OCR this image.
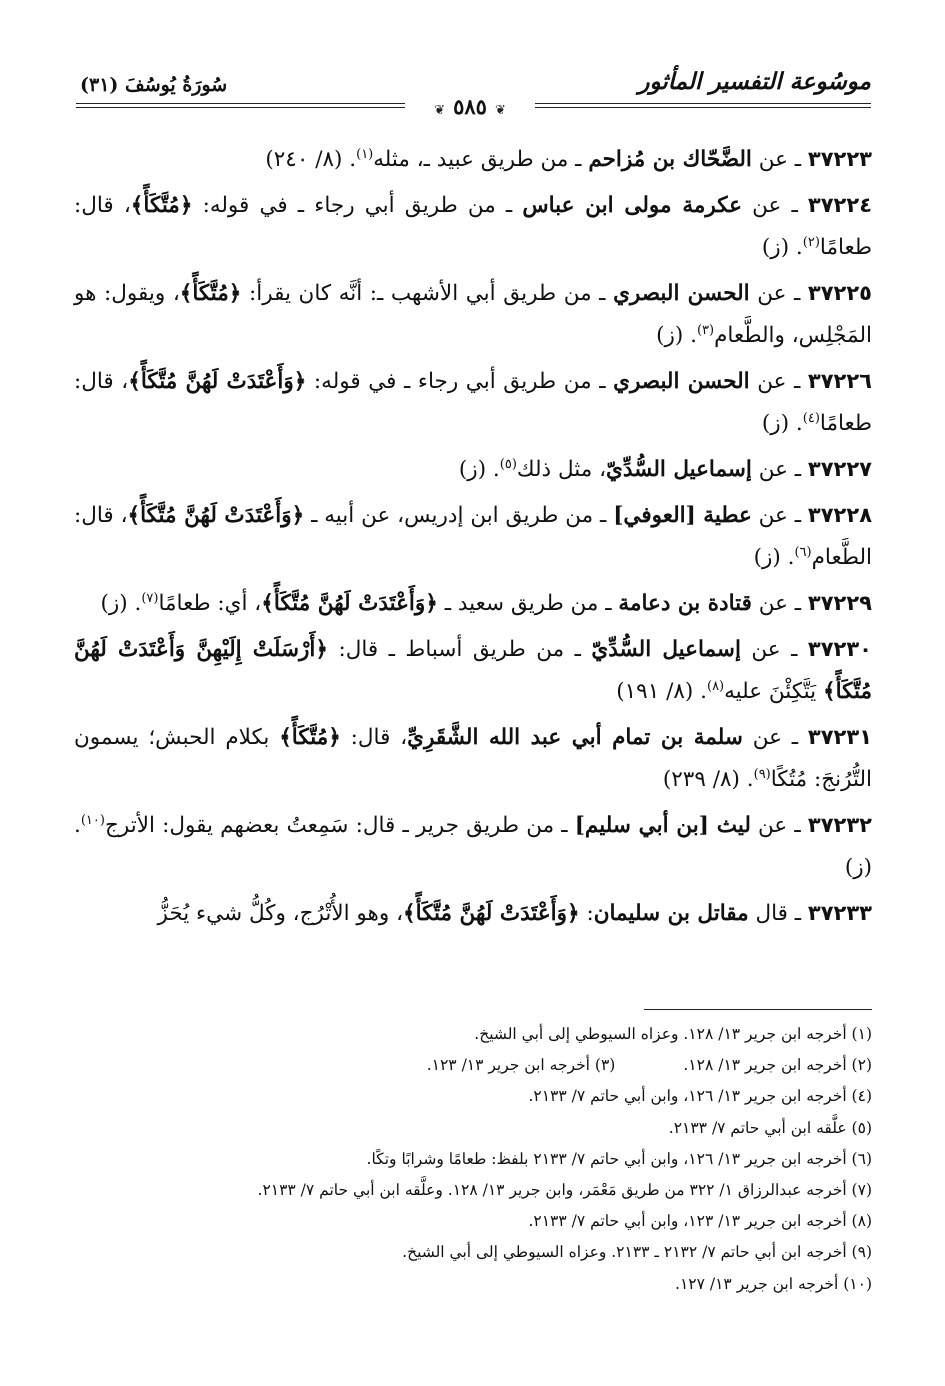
سُورَةُ يُوسُفَ (٣١)	موسُوعة التفسير المأثور
❦ ٥٨٥ ❦

٣٧٢٢٣ ـ عن الضَّحّاك بن مُزاحم ـ من طريق عبيد ـ، مثله$^{(١)}$. (٨/ ٢٤٠)

٣٧٢٢٤ ـ عن عكرمة مولى ابن عباس ـ من طريق أبي رجاء ـ في قوله: ﴿مُتَّكَأً﴾، قال: طعامًا$^{(٢)}$. (ز)

٣٧٢٢٥ ـ عن الحسن البصري ـ من طريق أبي الأشهب ـ: أنَّه كان يقرأ: ﴿مُتَّكَأً﴾، ويقول: هو المَجْلِس، والطَّعام$^{(٣)}$. (ز)

٣٧٢٢٦ ـ عن الحسن البصري ـ من طريق أبي رجاء ـ في قوله: ﴿وَأَعْتَدَتْ لَهُنَّ مُتَّكَأً﴾، قال: طعامًا$^{(٤)}$. (ز)

٣٧٢٢٧ ـ عن إسماعيل السُّدِّيّ، مثل ذلك$^{(٥)}$. (ز)

٣٧٢٢٨ ـ عن عطية [العوفي] ـ من طريق ابن إدريس، عن أبيه ـ ﴿وَأَعْتَدَتْ لَهُنَّ مُتَّكَأً﴾، قال: الطَّعام$^{(٦)}$. (ز)

٣٧٢٢٩ ـ عن قتادة بن دعامة ـ من طريق سعيد ـ ﴿وَأَعْتَدَتْ لَهُنَّ مُتَّكَأً﴾، أي: طعامًا$^{(٧)}$. (ز)

٣٧٢٣٠ ـ عن إسماعيل السُّدِّيّ ـ من طريق أسباط ـ قال: ﴿أَرْسَلَتْ إِلَيْهِنَّ وَأَعْتَدَتْ لَهُنَّ مُتَّكَأً﴾ يَتَّكِئْنَ عليه$^{(٨)}$. (٨/ ١٩١)

٣٧٢٣١ ـ عن سلمة بن تمام أبي عبد الله الشَّقَرِيِّ، قال: ﴿مُتَّكَأً﴾ بكلام الحبش؛ يسمون التُّرُنجَ: مُتُكًا$^{(٩)}$. (٨/ ٢٣٩)

٣٧٢٣٢ ـ عن ليث [بن أبي سليم] ـ من طريق جرير ـ قال: سَمِعتُ بعضهم يقول: الأترج$^{(١٠)}$. (ز)

٣٧٢٣٣ ـ قال مقاتل بن سليمان: ﴿وَأَعْتَدَتْ لَهُنَّ مُتَّكَأً﴾، وهو الأُتْرُج، وكُلُّ شيء يُحَزُّ

(١) أخرجه ابن جرير ١٣/ ١٢٨. وعزاه السيوطي إلى أبي الشيخ.
(٢) أخرجه ابن جرير ١٣/ ١٢٨.
(٣) أخرجه ابن جرير ١٣/ ١٢٣.
(٤) أخرجه ابن جرير ١٣/ ١٢٦، وابن أبي حاتم ٧/ ٢١٣٣.
(٥) علَّقه ابن أبي حاتم ٧/ ٢١٣٣.
(٦) أخرجه ابن جرير ١٣/ ١٢٦، وابن أبي حاتم ٧/ ٢١٣٣ بلفظ: طعامًا وشرابًا وتكًا.
(٧) أخرجه عبدالرزاق ١/ ٣٢٢ من طريق مَعْمَر، وابن جرير ١٣/ ١٢٨. وعلَّقه ابن أبي حاتم ٧/ ٢١٣٣.
(٨) أخرجه ابن جرير ١٣/ ١٢٣، وابن أبي حاتم ٧/ ٢١٣٣.
(٩) أخرجه ابن أبي حاتم ٧/ ٢١٣٢ ـ ٢١٣٣. وعزاه السيوطي إلى أبي الشيخ.
(١٠) أخرجه ابن جرير ١٣/ ١٢٧.
